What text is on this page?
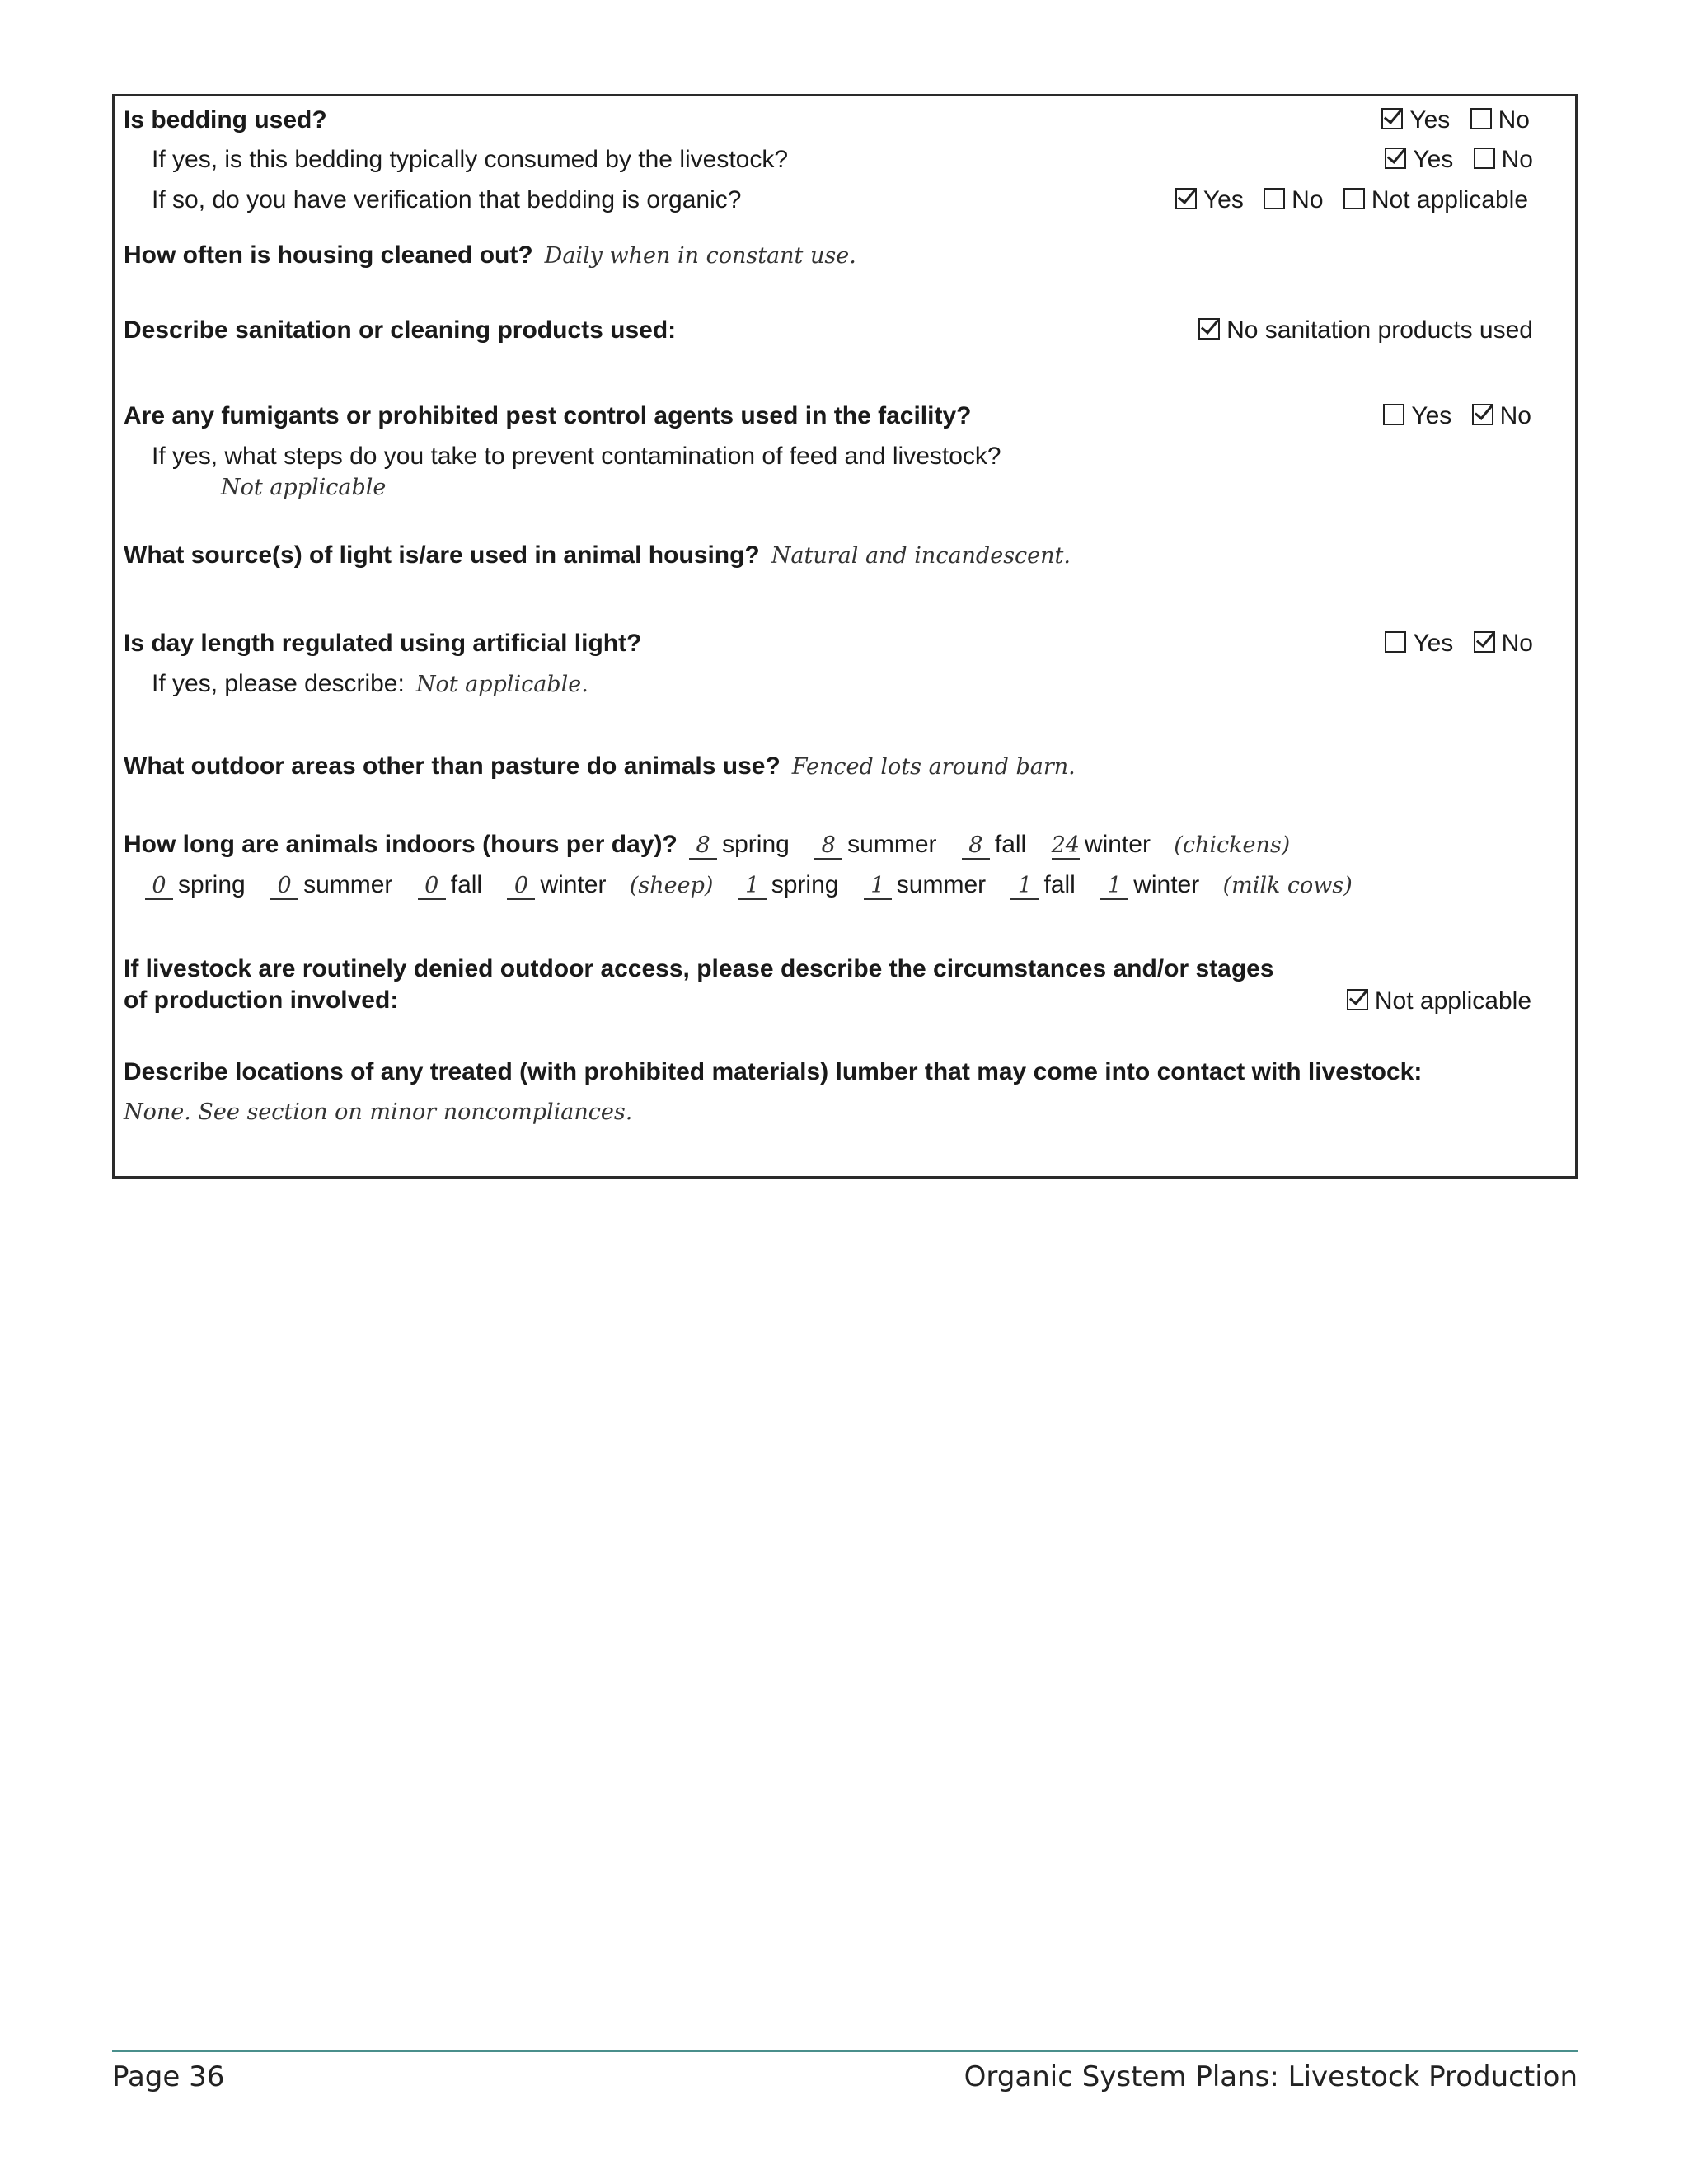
Is bedding used?	Yes No
If yes, is this bedding typically consumed by the livestock?	Yes No
If so, do you have verification that bedding is organic?	Yes No Not applicable
How often is housing cleaned out? Daily when in constant use.
Describe sanitation or cleaning products used:	No sanitation products used
Are any fumigants or prohibited pest control agents used in the facility?	Yes No
If yes, what steps do you take to prevent contamination of feed and livestock?
Not applicable
What source(s) of light is/are used in animal housing? Natural and incandescent.
Is day length regulated using artificial light?	Yes No
If yes, please describe: Not applicable.
What outdoor areas other than pasture do animals use? Fenced lots around barn.
How long are animals indoors (hours per day)? 8 spring 8 summer 8 fall 24 winter (chickens)
0 spring 0 summer 0 fall 0 winter (sheep) 1 spring 1 summer 1 fall 1 winter (milk cows)
If livestock are routinely denied outdoor access, please describe the circumstances and/or stages
of production involved:	Not applicable
Describe locations of any treated (with prohibited materials) lumber that may come into contact with livestock:
None. See section on minor noncompliances.
Page 36	Organic System Plans: Livestock Production
